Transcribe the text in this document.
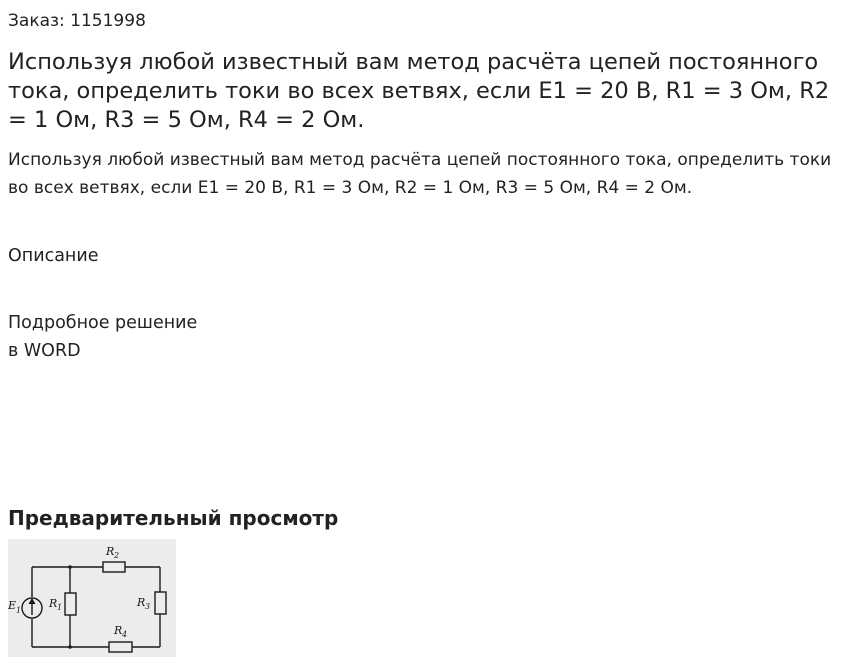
Заказ: 1151998
Используя любой известный вам метод расчёта цепей постоянного тока, определить токи во всех ветвях, если Е1 = 20 В, R1 = 3 Ом, R2 = 1 Ом, R3 = 5 Ом, R4 = 2 Ом.

Используя любой известный вам метод расчёта цепей постоянного тока, определить токи во всех ветвях, если Е1 = 20 В, R1 = 3 Ом, R2 = 1 Ом, R3 = 5 Ом, R4 = 2 Ом.

Описание
Подробное решение
в WORD
Предварительный просмотр
E 1
R 1
R 2
R 3
R 4
